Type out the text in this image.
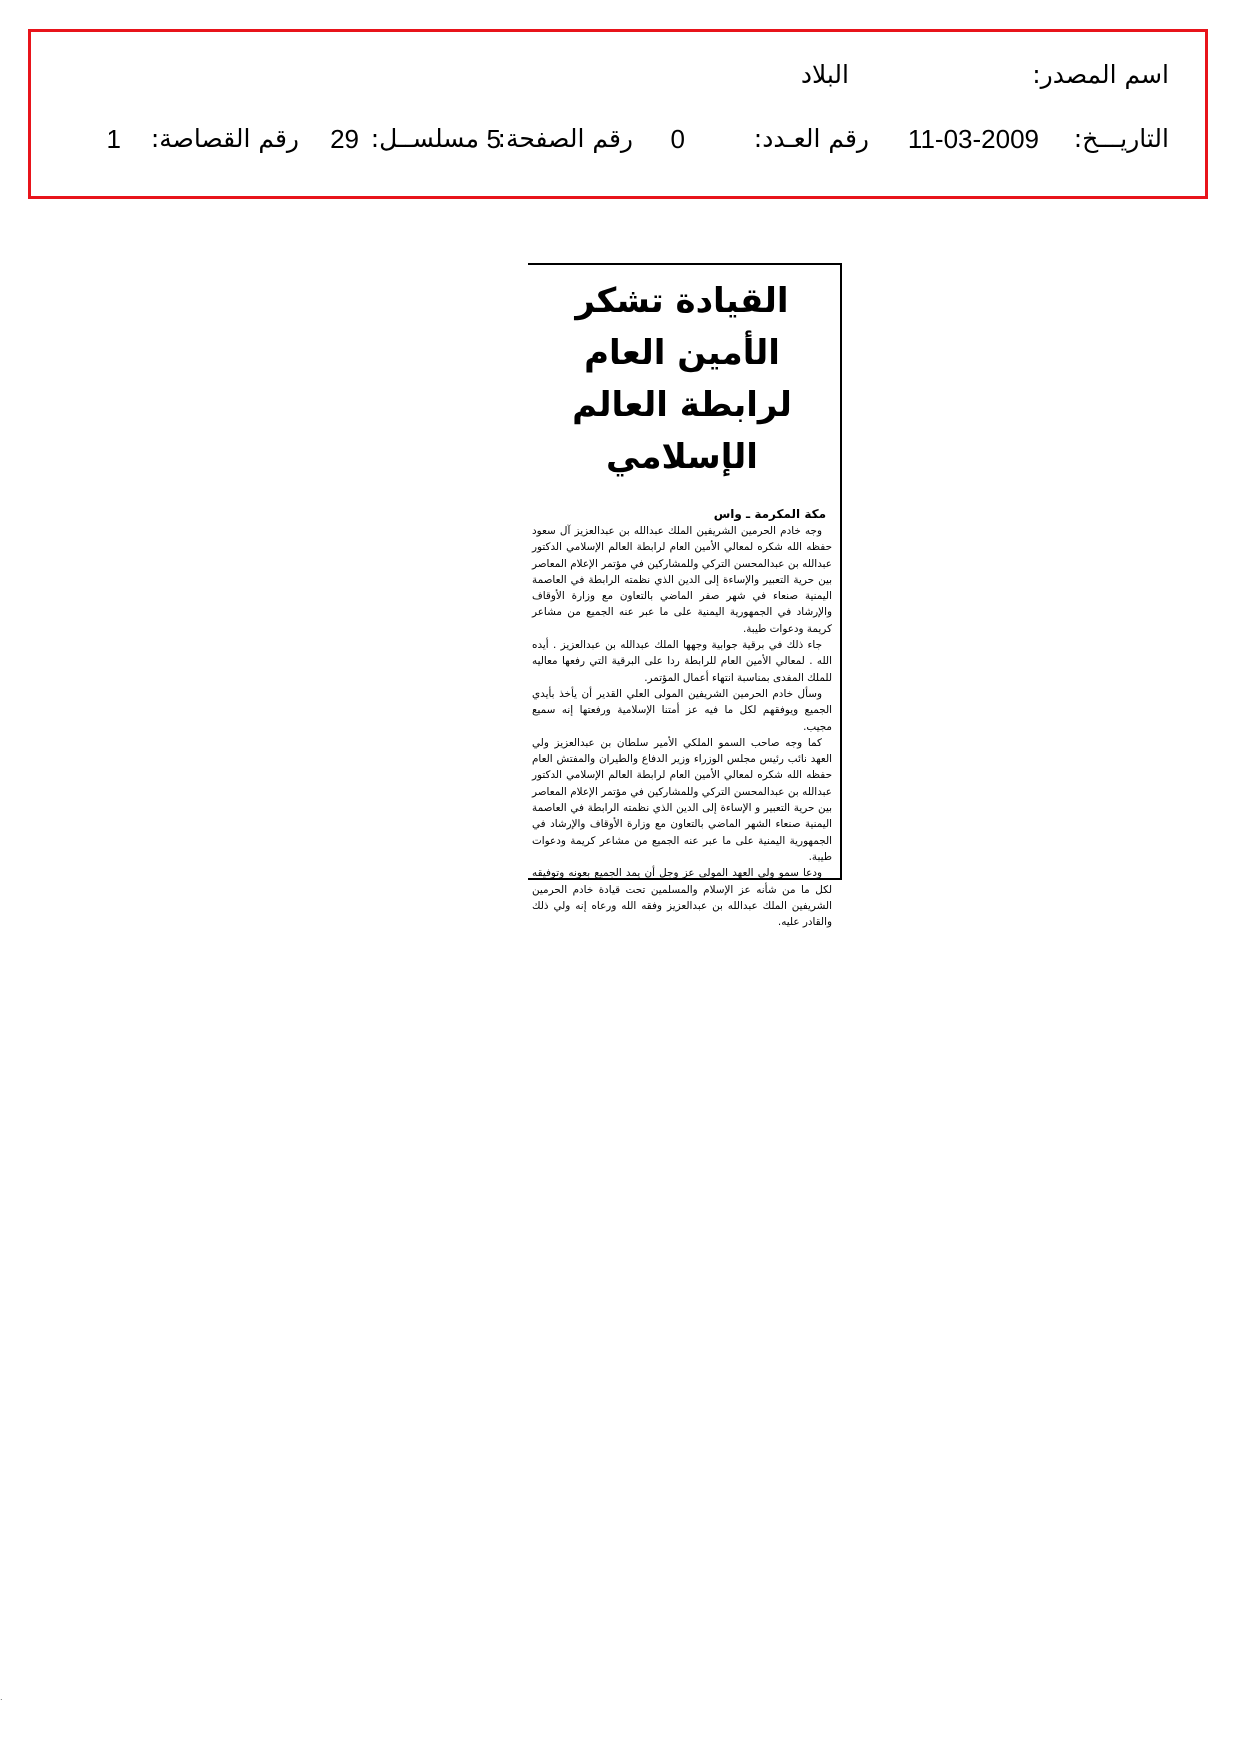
اسم المصدر:
البلاد
التاريـــخ:
11-03-2009
رقم العـدد:
0
رقم الصفحة:
5
مسلســل:
29
رقم القصاصة:
1
القيادة تشكر الأمين العام
لرابطة العالم الإسلامي
مكة المكرمة ـ واس

وجه خادم الحرمين الشريفين الملك عبدالله بن عبدالعزيز آل سعود حفظه الله شكره لمعالي الأمين العام لرابطة العالم الإسلامي الدكتور عبدالله بن عبدالمحسن التركي وللمشاركين في مؤتمر الإعلام المعاصر بين حرية التعبير والإساءة إلى الدين الذي نظمته الرابطة في العاصمة اليمنية صنعاء في شهر صفر الماضي بالتعاون مع وزارة الأوقاف والإرشاد في الجمهورية اليمنية على ما عبر عنه الجميع من مشاعر كريمة ودعوات طيبة.

جاء ذلك في برقية جوابية وجهها الملك عبدالله بن عبدالعزيز . أيده الله . لمعالي الأمين العام للرابطة ردا على البرقية التي رفعها معاليه للملك المفدى بمناسبة انتهاء أعمال المؤتمر.

وسأل خادم الحرمين الشريفين المولى العلي القدير أن يأخذ بأيدي الجميع ويوفقهم لكل ما فيه عز أمتنا الإسلامية ورفعتها إنه سميع مجيب.

كما وجه صاحب السمو الملكي الأمير سلطان بن عبدالعزيز ولي العهد نائب رئيس مجلس الوزراء وزير الدفاع والطيران والمفتش العام حفظه الله شكره لمعالي الأمين العام لرابطة العالم الإسلامي الدكتور عبدالله بن عبدالمحسن التركي وللمشاركين في مؤتمر الإعلام المعاصر بين حرية التعبير و الإساءة إلى الدين الذي نظمته الرابطة في العاصمة اليمنية صنعاء الشهر الماضي بالتعاون مع وزارة الأوقاف والإرشاد في الجمهورية اليمنية على ما عبر عنه الجميع من مشاعر كريمة ودعوات طيبة.

ودعا سمو ولي العهد المولى عز وجل أن يمد الجميع بعونه وتوفيقه لكل ما من شأنه عز الإسلام والمسلمين تحت قيادة خادم الحرمين الشريفين الملك عبدالله بن عبدالعزيز وفقه الله ورعاه إنه ولي ذلك والقادر عليه.

.
